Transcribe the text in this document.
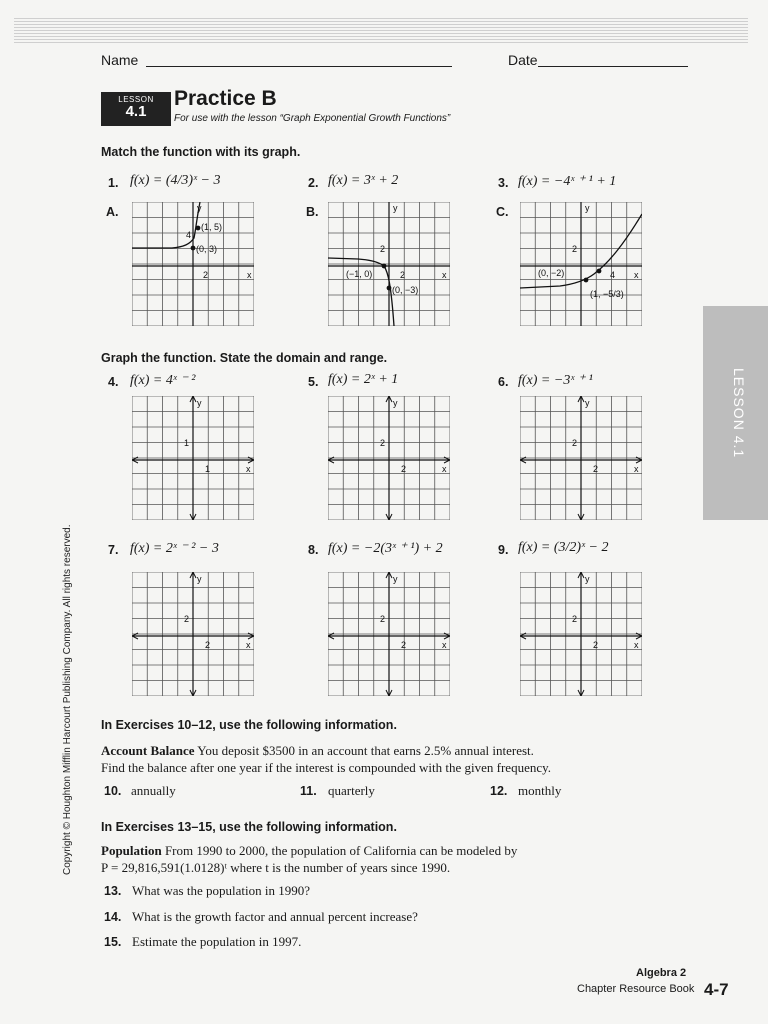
Name	Date
LESSON
4.1
Practice B
For use with the lesson “Graph Exponential Growth Functions”
Match the function with its graph.
1. f(x) = (4/3)ˣ − 3	2. f(x) = 3ˣ + 2	3. f(x) = −4ˣ ⁺ ¹ + 1
A.	B.	C.
y
(1, 5)
4
(0, 3)
2	x
y
2
(−1, 0)	2	x
(0, −3)
y
2
(0, −2)	4 x
(1, −5/3)
Graph the function. State the domain and range.
4. f(x) = 4ˣ ⁻ ²	5. f(x) = 2ˣ + 1	6. f(x) = −3ˣ ⁺ ¹
7. f(x) = 2ˣ ⁻ ² − 3	8. f(x) = −2(3ˣ ⁺ ¹) + 2	9. f(x) = (3/2)ˣ − 2
y
x
1
1
y
x
2
2
y
x
2
2
y
x
2
2
y
x
2
2
y
x
2
2
In Exercises 10–12, use the following information.
Account Balance You deposit $3500 in an account that earns 2.5% annual interest.
Find the balance after one year if the interest is compounded with the given frequency.
10. annually	11. quarterly	12. monthly
In Exercises 13–15, use the following information.
Population From 1990 to 2000, the population of California can be modeled by
P = 29,816,591(1.0128)ᵗ where t is the number of years since 1990.
13. What was the population in 1990?
14. What is the growth factor and annual percent increase?
15. Estimate the population in 1997.
LESSON 4.1
Copyright © Houghton Mifflin Harcourt Publishing Company. All rights reserved.
Algebra 2
Chapter Resource Book 4-7
